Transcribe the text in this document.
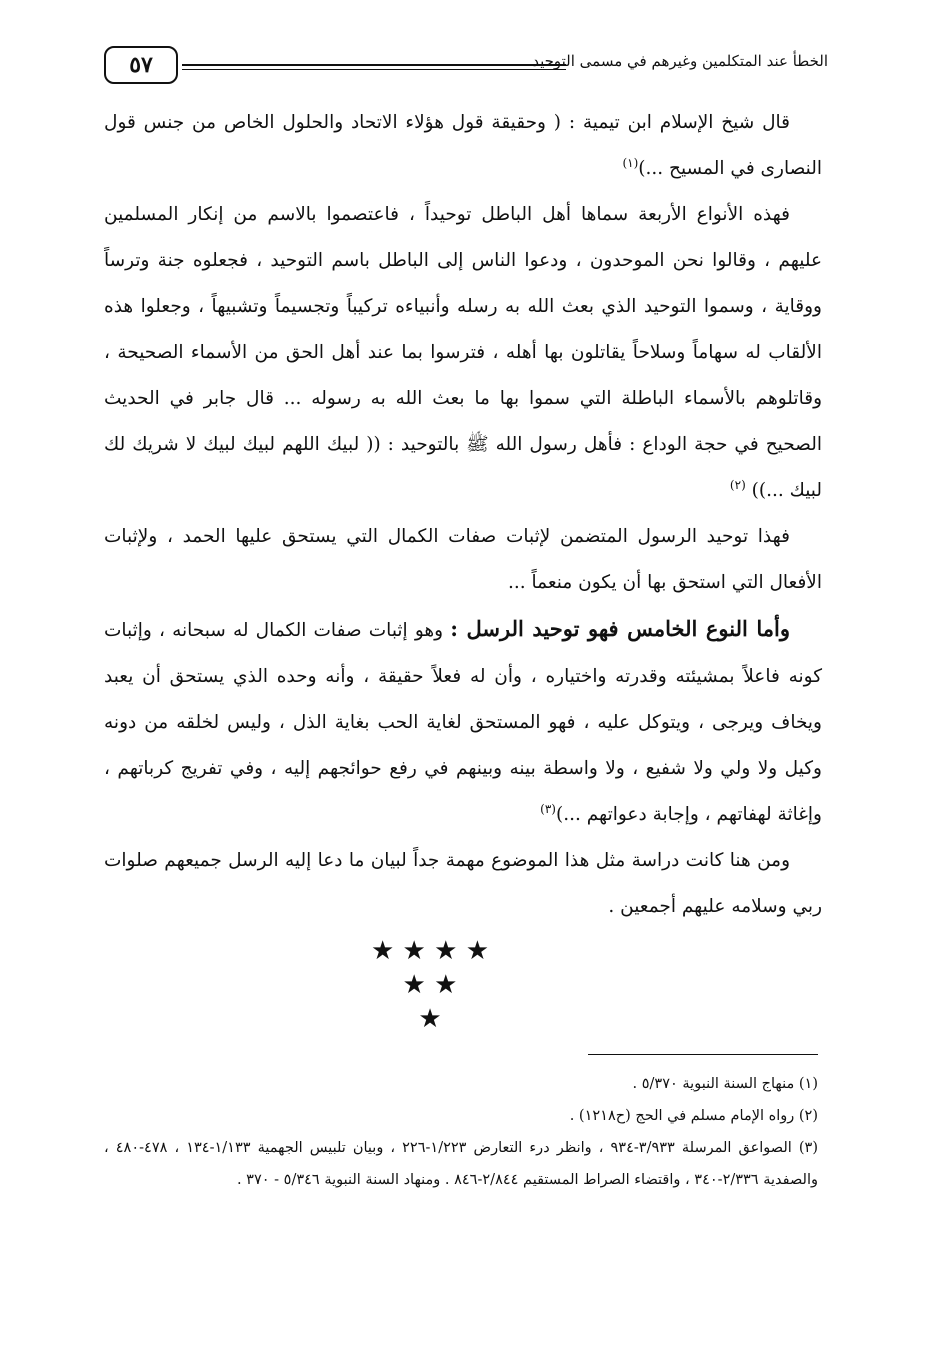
٥٧	الخطأ عند المتكلمين وغيرهم في مسمى التوحيد

قال شيخ الإسلام ابن تيمية : ( وحقيقة قول هؤلاء الاتحاد والحلول الخاص من جنس قول النصارى في المسيح ...)$^{(١)}$

فهذه الأنواع الأربعة سماها أهل الباطل توحيداً ، فاعتصموا بالاسم من إنكار المسلمين عليهم ، وقالوا نحن الموحدون ، ودعوا الناس إلى الباطل باسم التوحيد ، فجعلوه جنة وترساً ووقاية ، وسموا التوحيد الذي بعث الله به رسله وأنبياءه تركيباً وتجسيماً وتشبيهاً ، وجعلوا هذه الألقاب له سهاماً وسلاحاً يقاتلون بها أهله ، فترسوا بما عند أهل الحق من الأسماء الصحيحة ، وقاتلوهم بالأسماء الباطلة التي سموا بها ما بعث الله به رسوله ... قال جابر في الحديث الصحيح في حجة الوداع : فأهل رسول الله ﷺ بالتوحيد : (( لبيك اللهم لبيك لبيك لا شريك لك لبيك ...)) $^{(٢)}$

فهذا توحيد الرسول المتضمن لإثبات صفات الكمال التي يستحق عليها الحمد ، ولإثبات الأفعال التي استحق بها أن يكون منعماً ...

وأما النوع الخامس فهو توحيد الرسل : وهو إثبات صفات الكمال له سبحانه ، وإثبات كونه فاعلاً بمشيئته وقدرته واختياره ، وأن له فعلاً حقيقة ، وأنه وحده الذي يستحق أن يعبد ويخاف ويرجى ، ويتوكل عليه ، فهو المستحق لغاية الحب بغاية الذل ، وليس لخلقه من دونه وكيل ولا ولي ولا شفيع ، ولا واسطة بينه وبينهم في رفع حوائجهم إليه ، وفي تفريج كرباتهم ، وإغاثة لهفاتهم ، وإجابة دعواتهم ...)$^{(٣)}$

ومن هنا كانت دراسة مثل هذا الموضوع مهمة جداً لبيان ما دعا إليه الرسل جميعهم صلوات ربي وسلامه عليهم أجمعين .

★ ★ ★ ★
★ ★
★

(١) منهاج السنة النبوية ٥/٣٧٠ .

(٢) رواه الإمام مسلم في الحج (ح١٢١٨) .

(٣) الصواعق المرسلة ٣/٩٣٣-٩٣٤ ، وانظر درء التعارض ١/٢٢٣-٢٢٦ ، وبيان تلبيس الجهمية ١/١٣٣-١٣٤ ، ٤٧٨-٤٨٠ ، والصفدية ٢/٣٣٦-٣٤٠ ، واقتضاء الصراط المستقيم ٢/٨٤٤-٨٤٦ . ومنهاد السنة النبوية ٥/٣٤٦ - ٣٧٠ .
